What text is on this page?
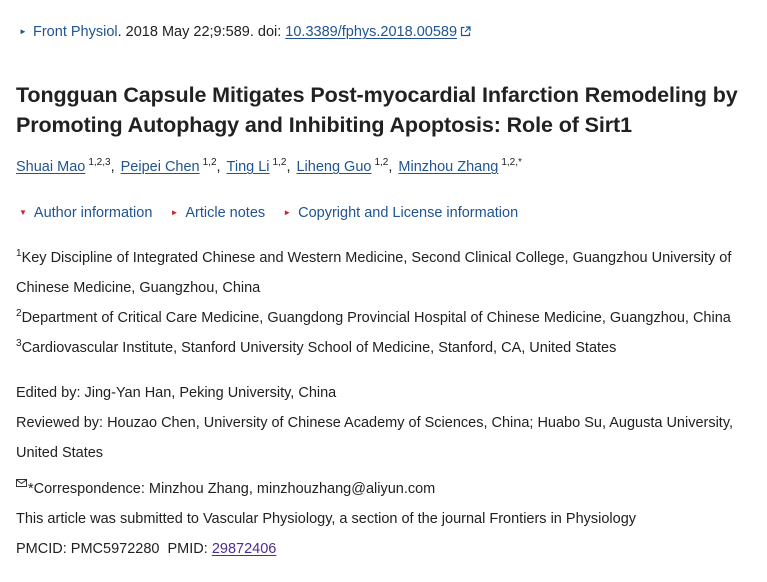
► Front Physiol. 2018 May 22;9:589. doi: 10.3389/fphys.2018.00589
Tongguan Capsule Mitigates Post-myocardial Infarction Remodeling by Promoting Autophagy and Inhibiting Apoptosis: Role of Sirt1
Shuai Mao $^{1,2,3}$, Peipei Chen $^{1,2}$, Ting Li $^{1,2}$, Liheng Guo $^{1,2}$, Minzhou Zhang $^{1,2,*}$
▼ Author information ► Article notes ► Copyright and License information

$^1$Key Discipline of Integrated Chinese and Western Medicine, Second Clinical College, Guangzhou University of Chinese Medicine, Guangzhou, China

$^2$Department of Critical Care Medicine, Guangdong Provincial Hospital of Chinese Medicine, Guangzhou, China

$^3$Cardiovascular Institute, Stanford University School of Medicine, Stanford, CA, United States

Edited by: Jing-Yan Han, Peking University, China

Reviewed by: Houzao Chen, University of Chinese Academy of Sciences, China; Huabo Su, Augusta University, United States

*Correspondence: Minzhou Zhang, minzhouzhang@aliyun.com

This article was submitted to Vascular Physiology, a section of the journal Frontiers in Physiology

PMCID: PMC5972280  PMID: 29872406
